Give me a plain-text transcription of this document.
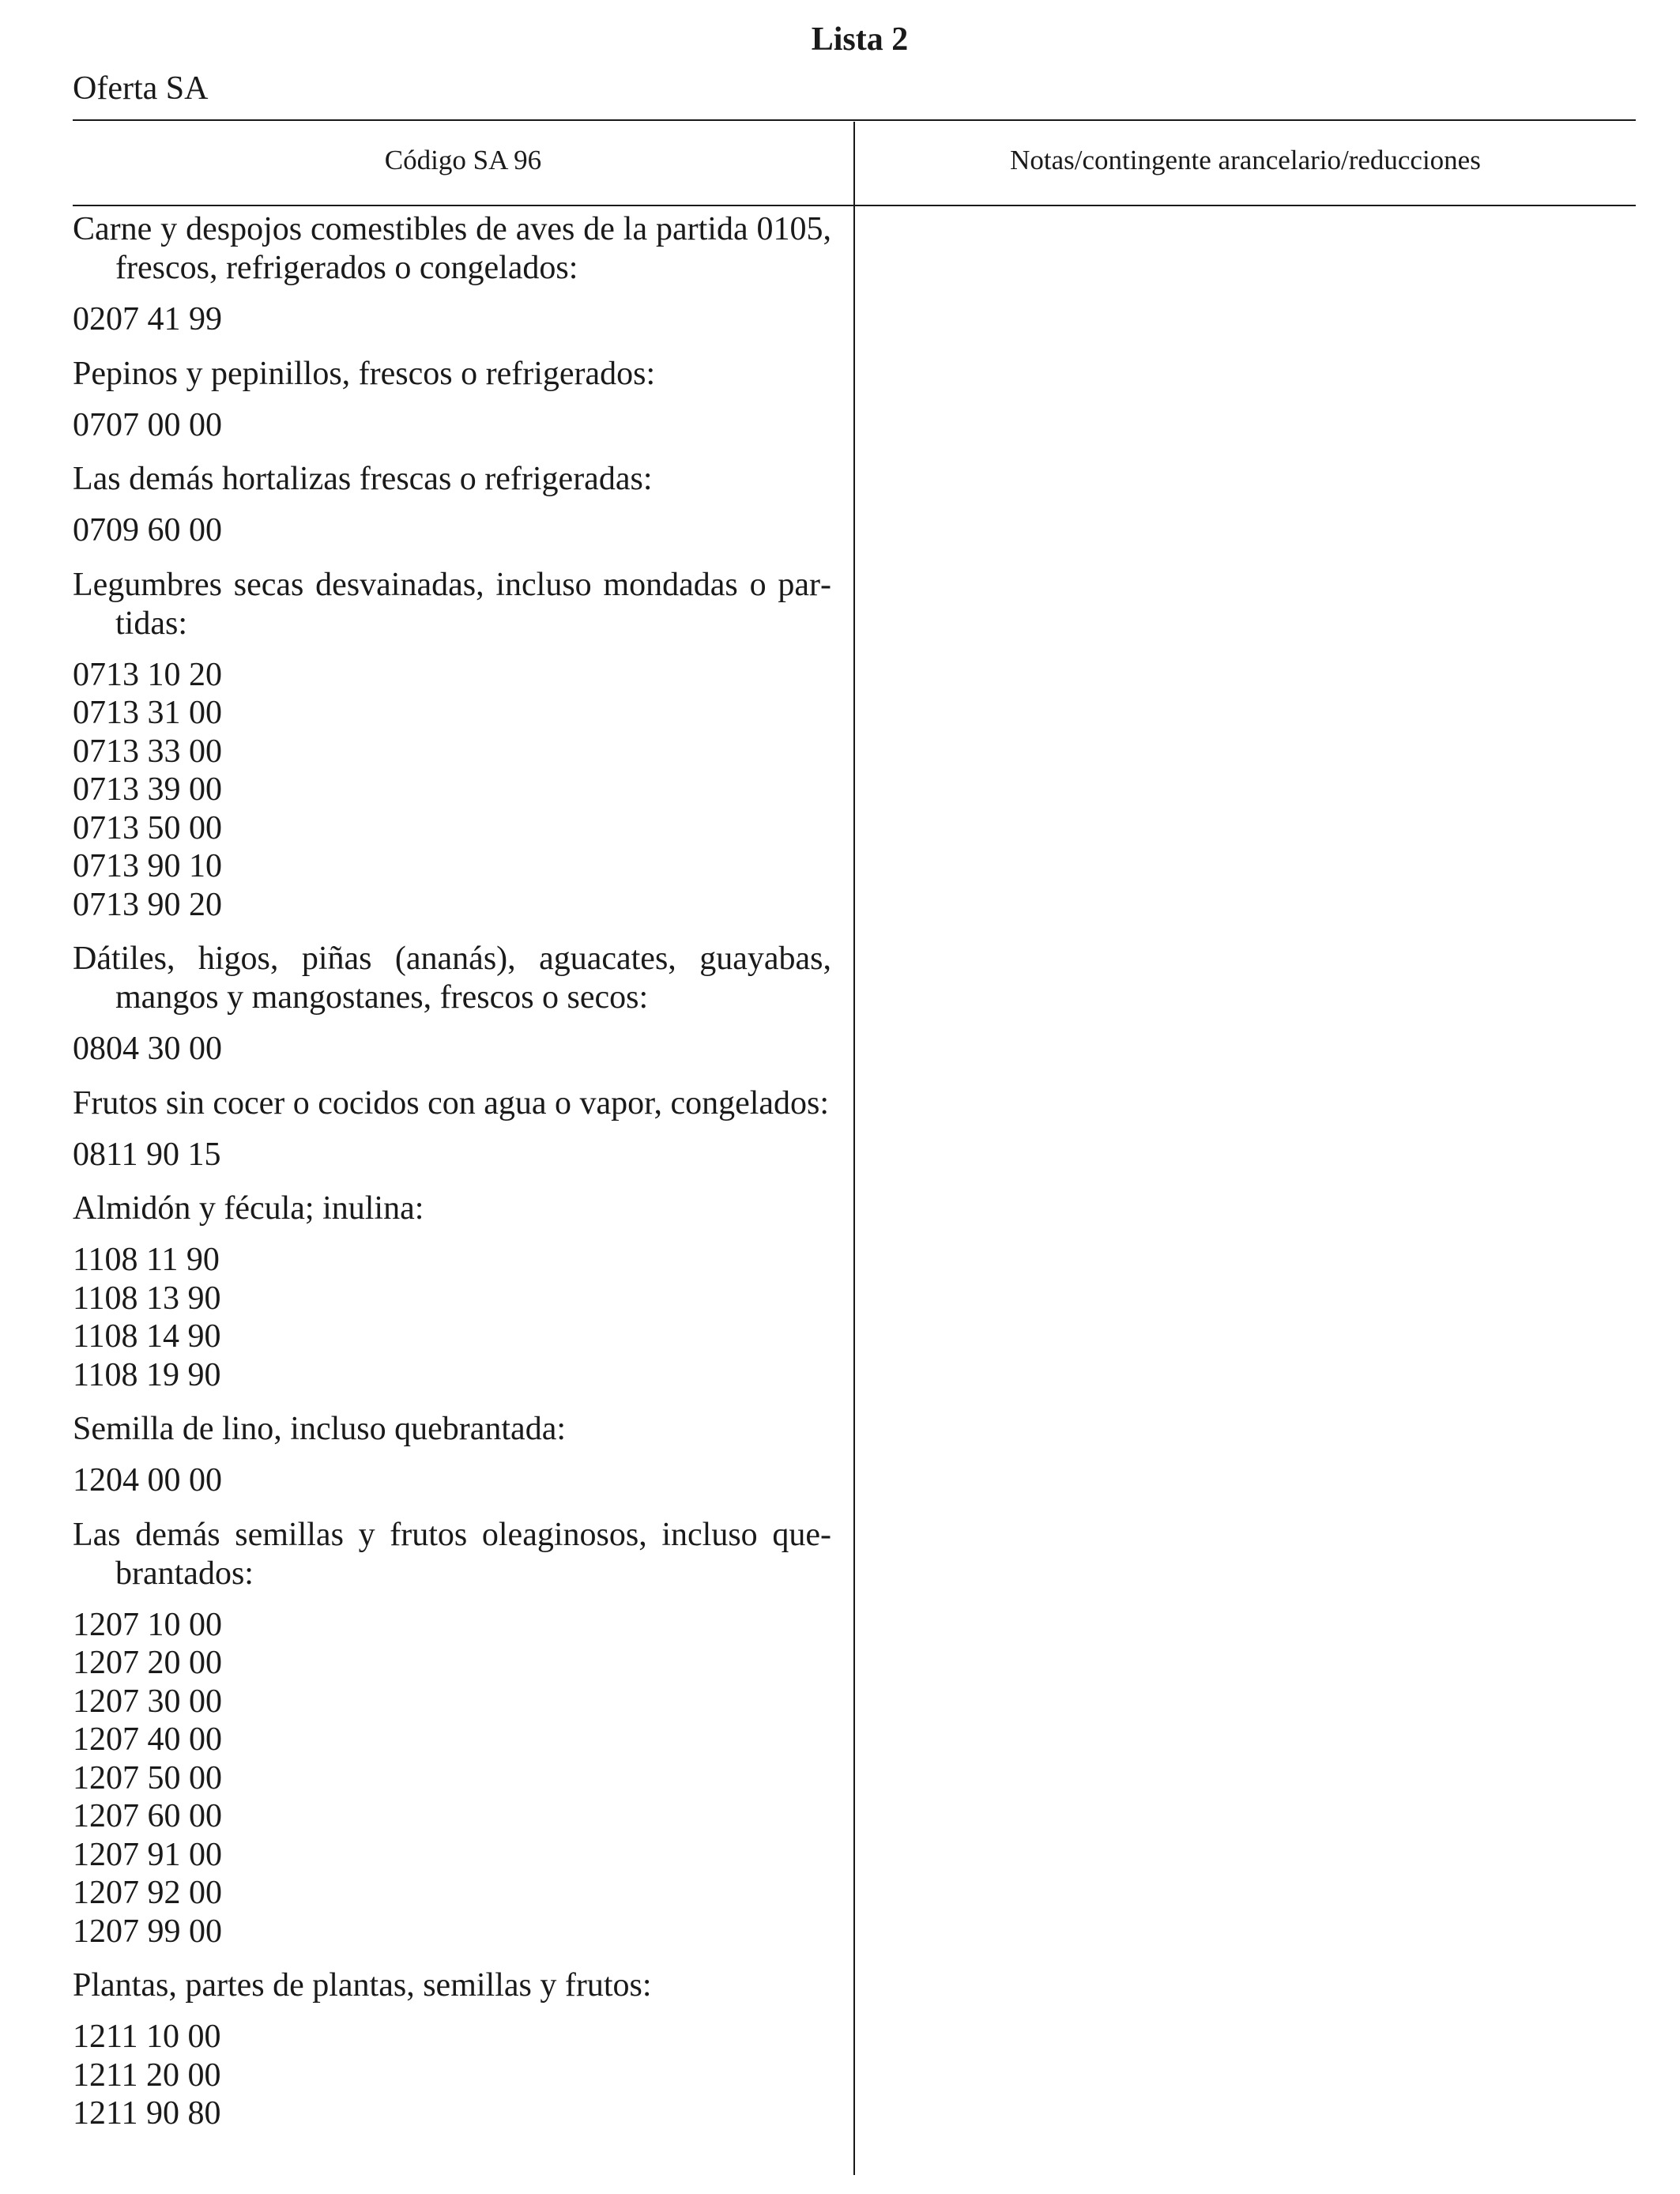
Lista 2
Oferta SA
Código SA 96	Notas/contingente arancelario/reducciones
Carne y despojos comestibles de aves de la partida 0105, frescos, refrigerados o congelados:
0207 41 99
Pepinos y pepinillos, frescos o refrigerados:
0707 00 00
Las demás hortalizas frescas o refrigeradas:
0709 60 00
Legumbres secas desvainadas, incluso mondadas o partidas:
0713 10 20
0713 31 00
0713 33 00
0713 39 00
0713 50 00
0713 90 10
0713 90 20
Dátiles, higos, piñas (ananás), aguacates, guayabas, mangos y mangostanes, frescos o secos:
0804 30 00
Frutos sin cocer o cocidos con agua o vapor, congelados:
0811 90 15
Almidón y fécula; inulina:
1108 11 90
1108 13 90
1108 14 90
1108 19 90
Semilla de lino, incluso quebrantada:
1204 00 00
Las demás semillas y frutos oleaginosos, incluso quebrantados:
1207 10 00
1207 20 00
1207 30 00
1207 40 00
1207 50 00
1207 60 00
1207 91 00
1207 92 00
1207 99 00
Plantas, partes de plantas, semillas y frutos:
1211 10 00
1211 20 00
1211 90 80
